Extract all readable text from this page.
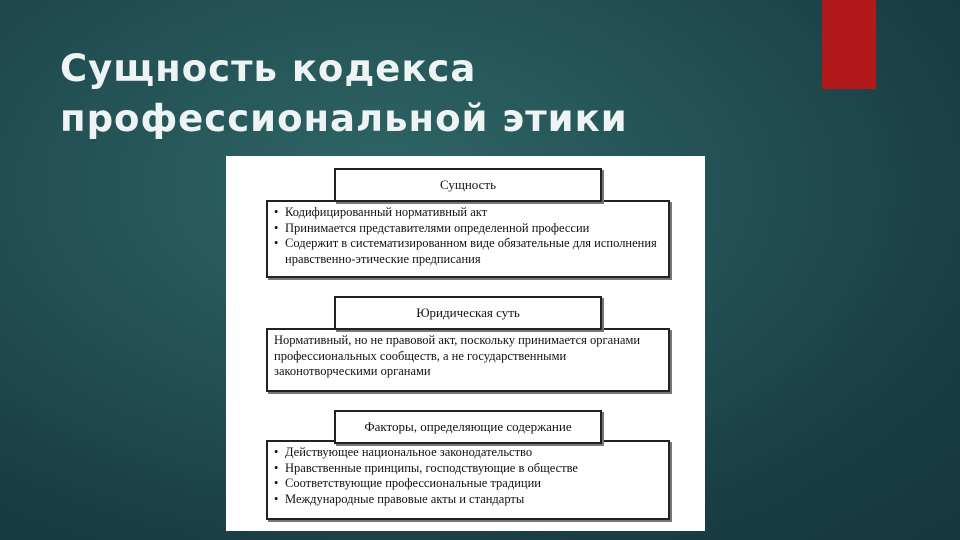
Сущность кодекса
профессиональной этики
Сущность
• Кодифицированный нормативный акт
• Принимается представителями определенной профессии
• Содержит в систематизированном виде обязательные для исполнения нравственно-этические предписания
Юридическая суть

Нормативный, но не правовой акт, поскольку принимается органами профессиональных сообществ, а не государственными законотворческими органами

Факторы, определяющие содержание
• Действующее национальное законодательство
• Нравственные принципы, господствующие в обществе
• Соответствующие профессиональные традиции
• Международные правовые акты и стандарты
